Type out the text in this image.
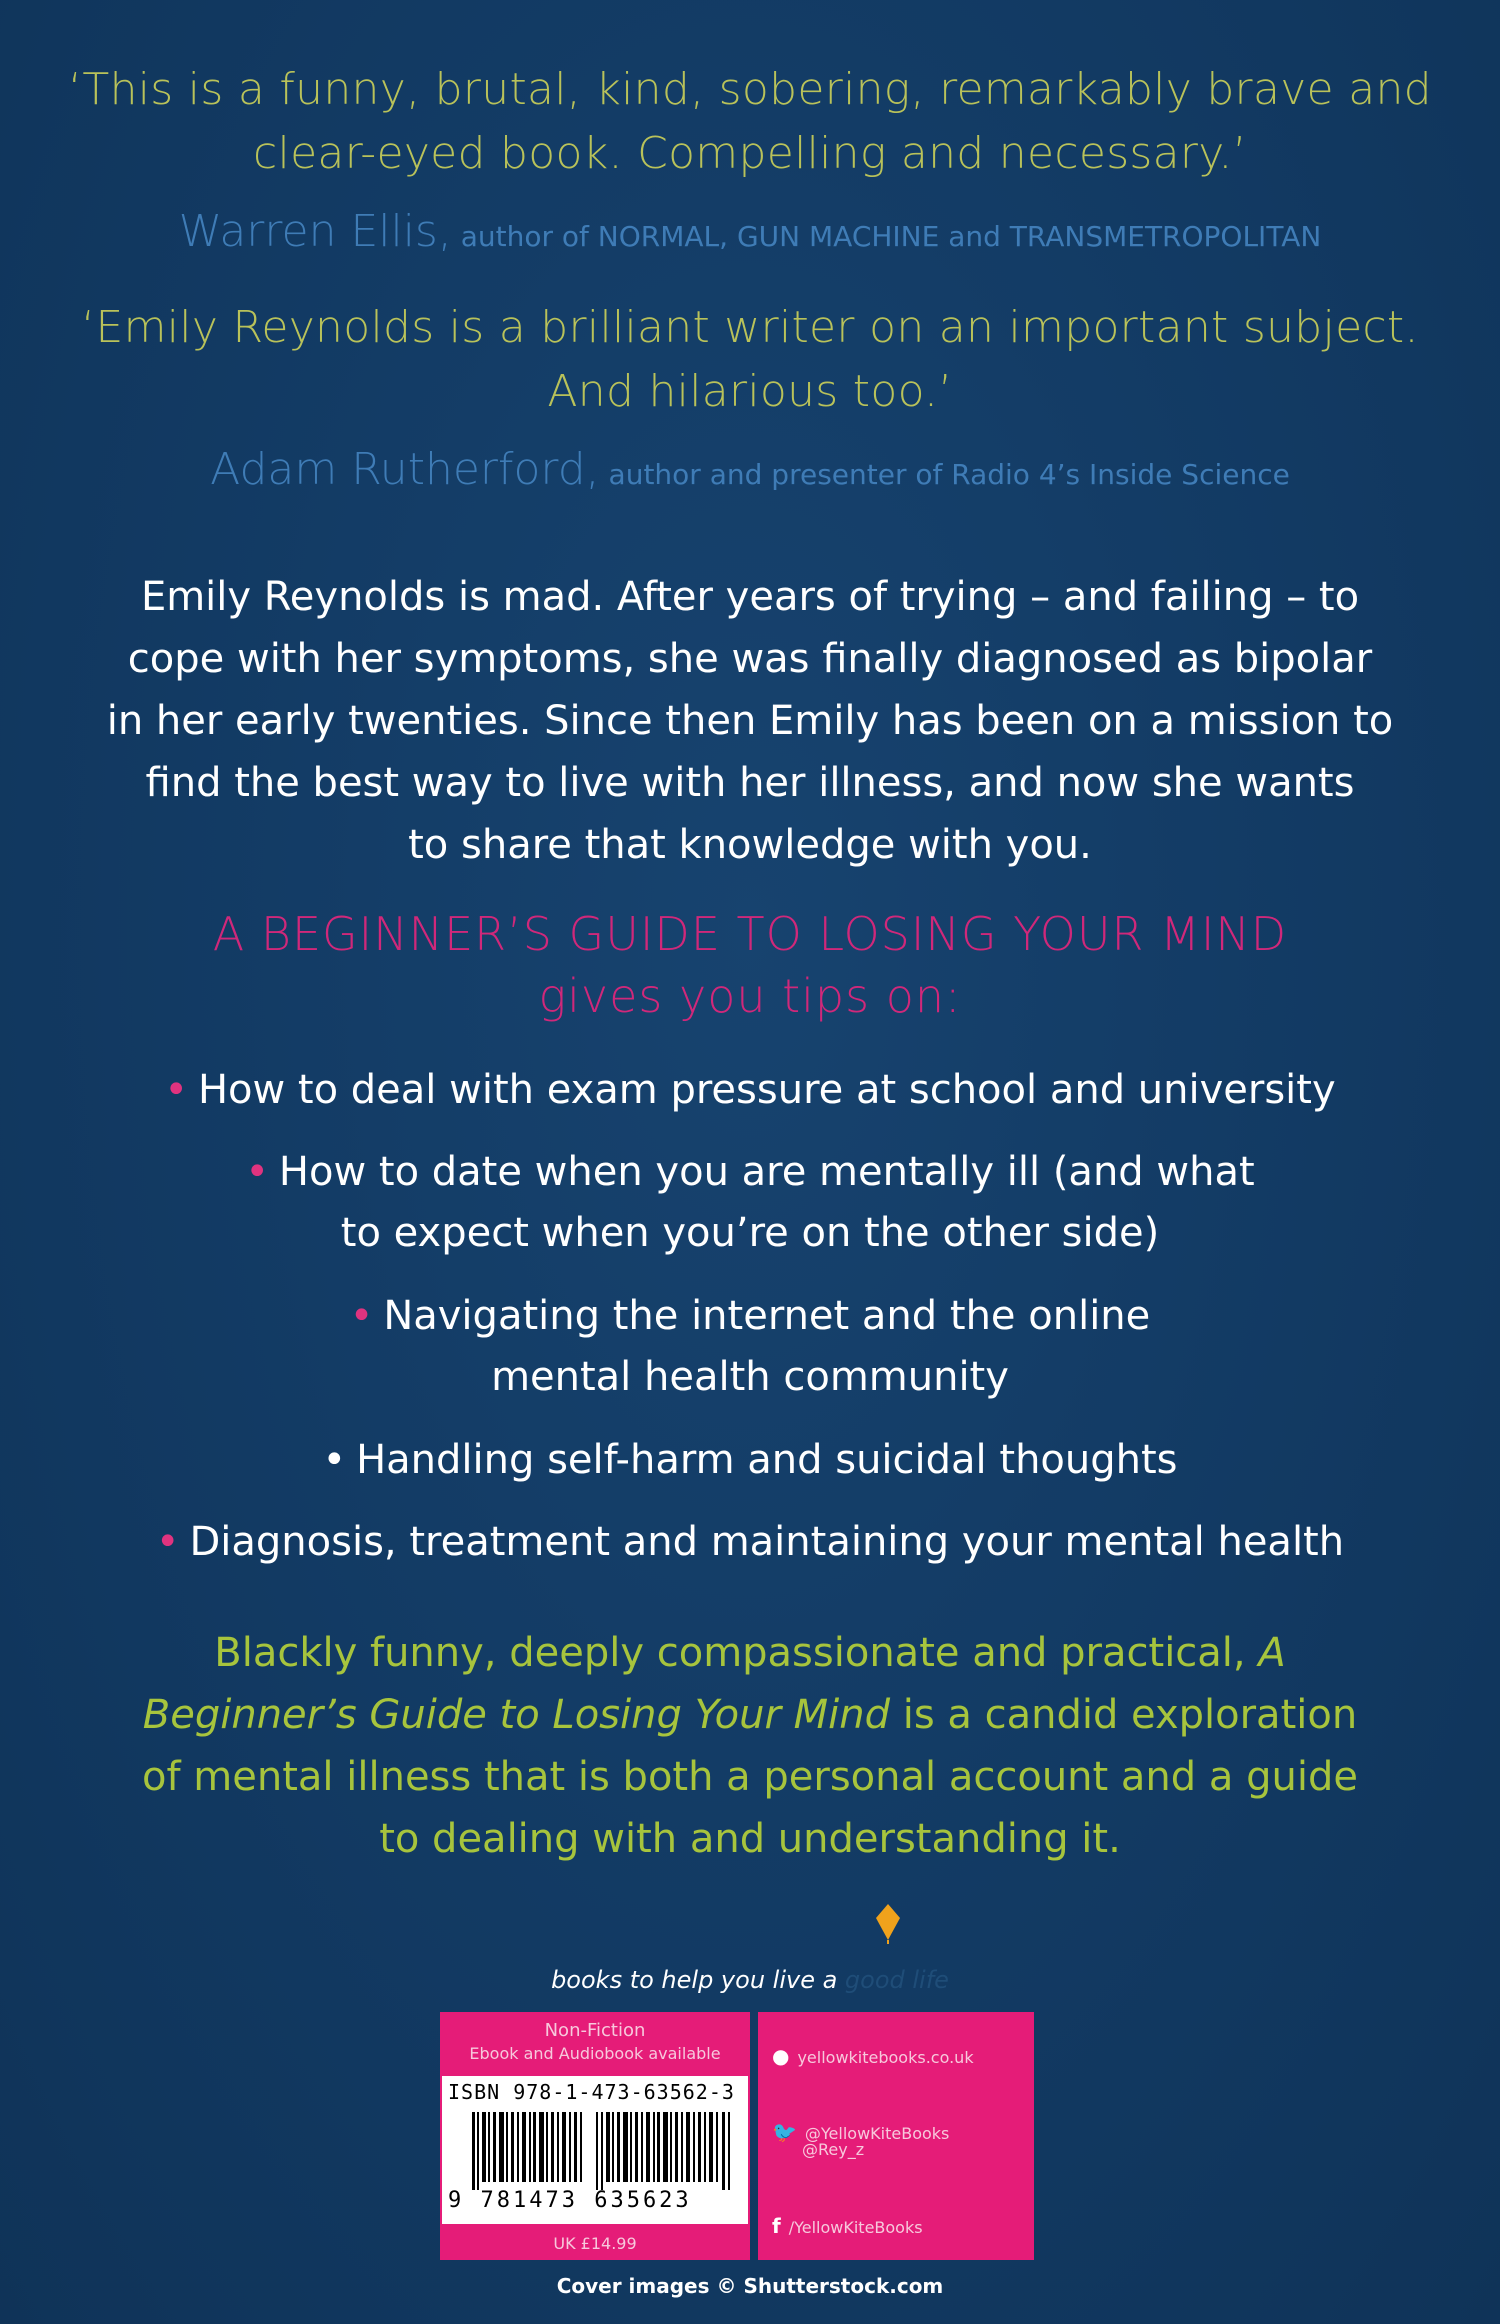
‘This is a funny, brutal, kind, sobering, remarkably brave and
clear-eyed book. Compelling and necessary.’
Warren Ellis, author of NORMAL, GUN MACHINE and TRANSMETROPOLITAN
‘Emily Reynolds is a brilliant writer on an important subject.
And hilarious too.’
Adam Rutherford, author and presenter of Radio 4’s Inside Science
Emily Reynolds is mad. After years of trying – and failing – to
cope with her symptoms, she was finally diagnosed as bipolar
in her early twenties. Since then Emily has been on a mission to
find the best way to live with her illness, and now she wants
to share that knowledge with you.
A BEGINNER’S GUIDE TO LOSING YOUR MIND
gives you tips on:
• How to deal with exam pressure at school and university
• How to date when you are mentally ill (and what
to expect when you’re on the other side)
• Navigating the internet and the online
mental health community
• Handling self-harm and suicidal thoughts
• Diagnosis, treatment and maintaining your mental health
Blackly funny, deeply compassionate and practical, A
Beginner’s Guide to Losing Your Mind is a candid exploration
of mental illness that is both a personal account and a guide
to dealing with and understanding it.
books to help you live a good life
Non-Fiction
Ebook and Audiobook available
UK £14.99
ISBN 978-1-473-63562-3
9 781473 635623
● yellowkitebooks.co.uk
🐦 @YellowKiteBooks
@Rey_z
f /YellowKiteBooks
Cover images © Shutterstock.com
